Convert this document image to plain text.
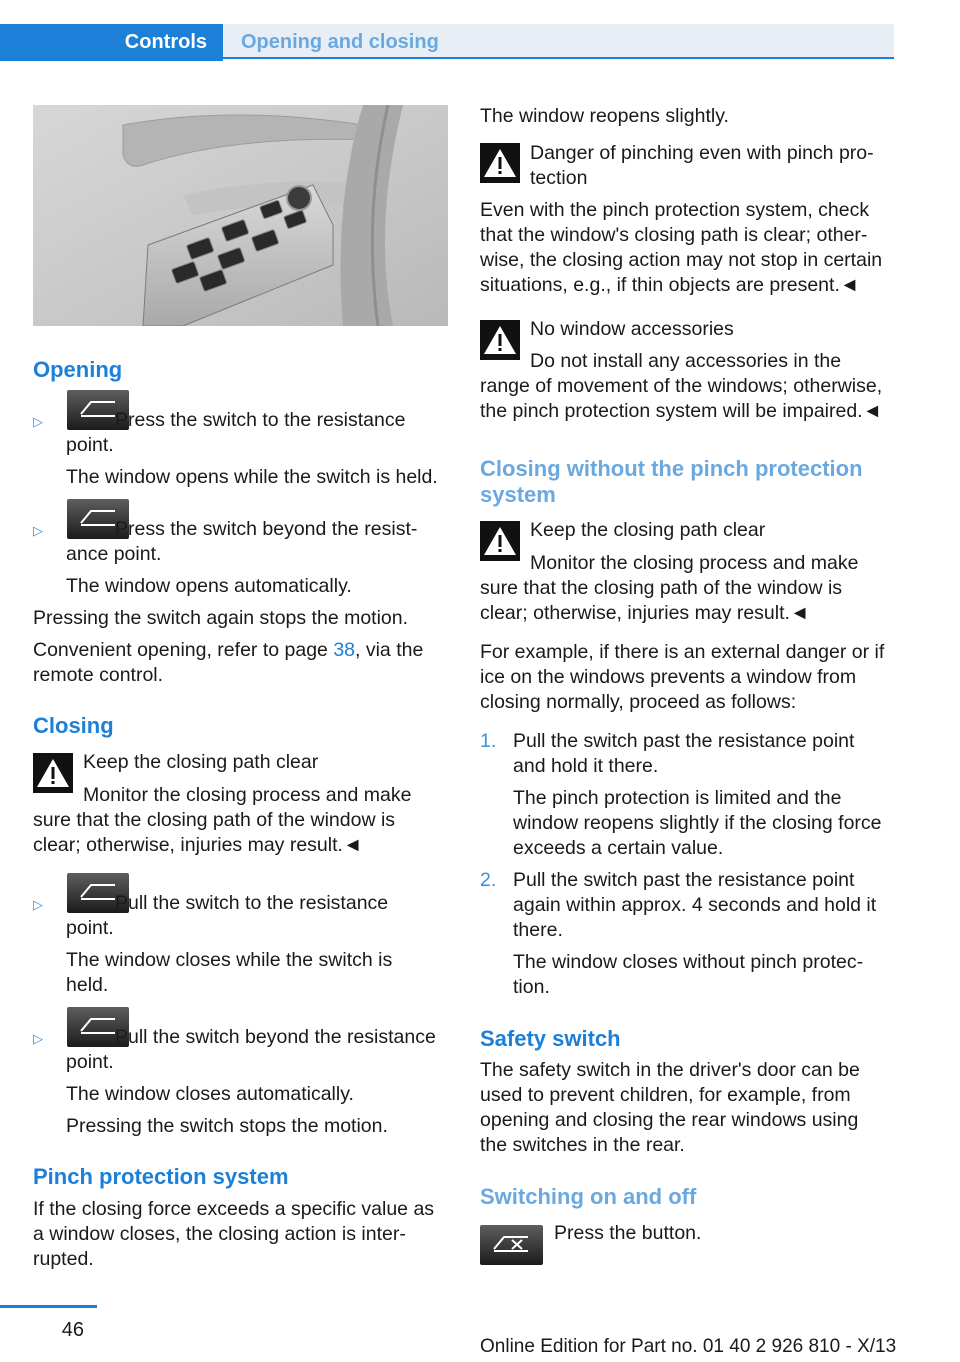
Controls	Opening and closing
Opening
▷	Press the switch to the resistance

point.

The window opens while the switch is held.

▷	Press the switch beyond the resist-

ance point.

The window opens automatically.

Pressing the switch again stops the motion.

Convenient opening, refer to page 38, via the

remote control.

Closing

Keep the closing path clear

Monitor the closing process and make

sure that the closing path of the window is

clear; otherwise, injuries may result.◄

▷	Pull the switch to the resistance

point.

The window closes while the switch is

held.

▷	Pull the switch beyond the resistance

point.

The window closes automatically.

Pressing the switch stops the motion.

Pinch protection system

If the closing force exceeds a specific value as

a window closes, the closing action is inter-

rupted.

The window reopens slightly.

Danger of pinching even with pinch pro-

tection

Even with the pinch protection system, check

that the window's closing path is clear; other-

wise, the closing action may not stop in certain

situations, e.g., if thin objects are present.◄

No window accessories

Do not install any accessories in the

range of movement of the windows; otherwise,

the pinch protection system will be impaired.◄

Closing without the pinch protection
system

Keep the closing path clear

Monitor the closing process and make

sure that the closing path of the window is

clear; otherwise, injuries may result.◄

For example, if there is an external danger or if

ice on the windows prevents a window from

closing normally, proceed as follows:

1. Pull the switch past the resistance point

and hold it there.

The pinch protection is limited and the

window reopens slightly if the closing force

exceeds a certain value.

2. Pull the switch past the resistance point

again within approx. 4 seconds and hold it

there.

The window closes without pinch protec-

tion.

Safety switch

The safety switch in the driver's door can be

used to prevent children, for example, from

opening and closing the rear windows using

the switches in the rear.

Switching on and off

Press the button.

46
Online Edition for Part no. 01 40 2 926 810 - X/13
